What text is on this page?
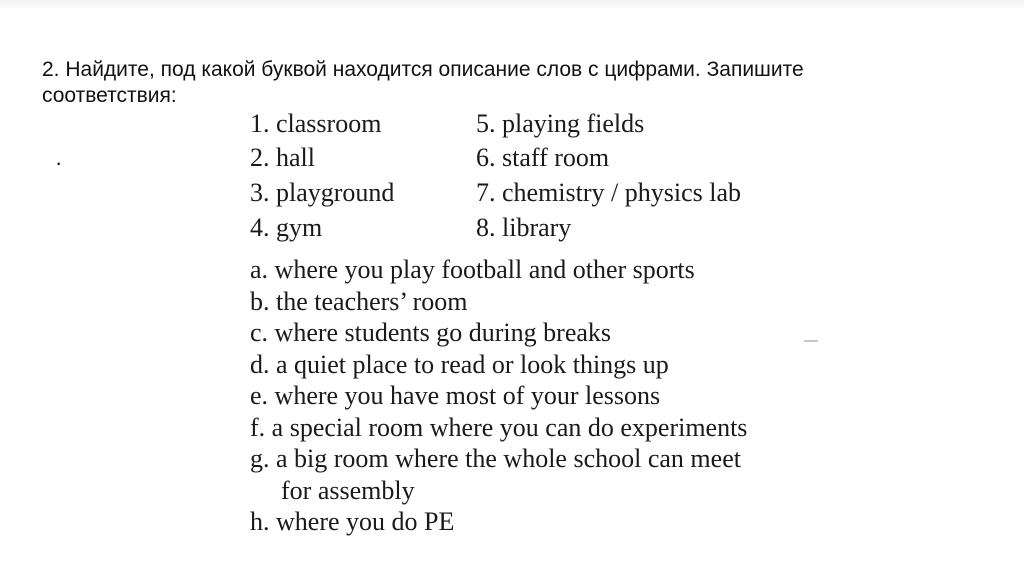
2. Найдите, под какой буквой находится описание слов с цифрами. Запишите соответствия:

·
1. classroom
2. hall
3. playground
4. gym
5. playing fields
6. staff room
7. chemistry / physics lab
8. library
a. where you play football and other sports
b. the teachers’ room
c. where students go during breaks
d. a quiet place to read or look things up
e. where you have most of your lessons
f. a special room where you can do experiments
g. a big room where the whole school can meet
for assembly
h. where you do PE
